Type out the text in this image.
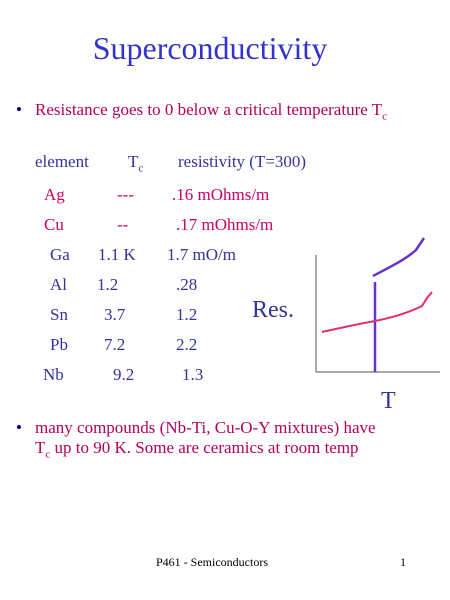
Superconductivity
• Resistance goes to 0 below a critical temperature $T_c$
element $T_c$ resistivity (T=300)
Ag	--- .16 mOhms/m
Cu	--	.17 mOhms/m
Ga 1.1 K 1.7 mO/m
Al 1.2	.28
Sn 3.7	1.2
Pb 7.2	2.2
Nb	9.2	1.3
Res.
T
• many compounds (Nb-Ti, Cu-O-Y mixtures) have
$T_c$ up to 90 K. Some are ceramics at room temp
P461 - Semiconductors	1
